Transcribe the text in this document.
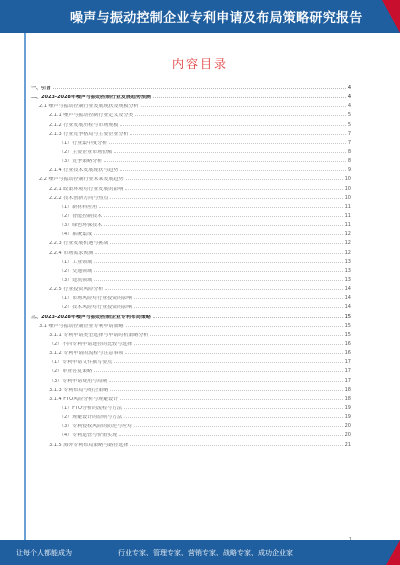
噪声与振动控制企业专利申请及布局策略研究报告
内容目录
一、引言	4
二、2023-2028年噪声与振动控制行业发展趋势预测	4
2.1 噪声与振动控制行业发展现状及规模分析	4
2.1.1 噪声与振动控制行业定义及分类	5
2.1.2 行业发展历程与市场规模	5
2.1.3 行业竞争格局与主要企业分析	7
（1）行业集中度分析	7
（2）主要企业市场份额	8
（3）竞争策略分析	8
2.1.4 行业技术发展现状与趋势	9
2.2 噪声与振动控制行业未来发展趋势	10
2.2.1 政策环境对行业发展的影响	10
2.2.2 技术创新方向与热点	10
（1）新材料应用	11
（2）智能控制技术	11
（3）绿色环保技术	11
（4）系统集成	12
2.2.3 行业发展机遇与挑战	12
2.2.4 市场需求预测	12
（1）工业领域	13
（2）交通领域	13
（3）建筑领域	13
2.2.5 行业投资风险分析	14
（1）市场风险对行业投资的影响	14
（2）技术风险对行业投资的影响	14
三、2023-2028年噪声与振动控制企业专利布局策略	15
3.1 噪声与振动控制企业专利申请策略	15
3.1.1 专利申请类型选择与申请时机策略分析	15
（2）不同专利申请途径的比较与选择	16
3.1.2 专利申请的流程与注意事项	16
（1）专利申请文件撰写要点	17
（2）审查答复策略	17
（3）专利申请费用与周期	17
3.1.3 专利布局与组合策略	18
3.1.4 FTO风险分析与规避设计	18
（1）FTO分析的流程与方法	19
（2）规避设计的原则与方法	19
（3）专利侵权风险的防范与应对	20
（4）专利运营与价值实现	20
3.1.5 海外专利布局策略与路径选择	21
让每个人都能成为	行业专家、管理专家、营销专家、战略专家、成功企业家
